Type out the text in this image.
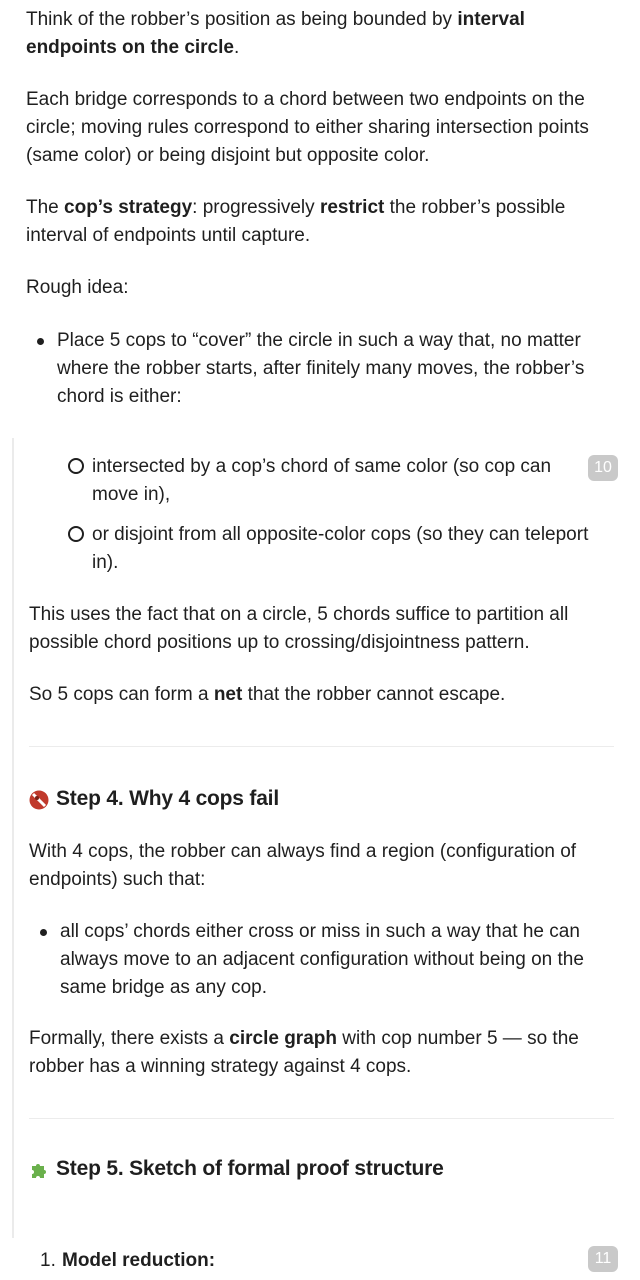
Think of the robber’s position as being bounded by interval endpoints on the circle.

Each bridge corresponds to a chord between two endpoints on the circle; moving rules correspond to either sharing intersection points (same color) or being disjoint but opposite color.

The cop’s strategy: progressively restrict the robber’s possible interval of endpoints until capture.

Rough idea:

Place 5 cops to “cover” the circle in such a way that, no matter where the robber starts, after finitely many moves, the robber’s chord is either:

intersected by a cop’s chord of same color (so cop can move in),

10

or disjoint from all opposite-color cops (so they can teleport in).

This uses the fact that on a circle, 5 chords suffice to partition all possible chord positions up to crossing/disjointness pattern.

So 5 cops can form a net that the robber cannot escape.

Step 4. Why 4 cops fail

With 4 cops, the robber can always find a region (configuration of endpoints) such that:

all cops’ chords either cross or miss in such a way that he can always move to an adjacent configuration without being on the same bridge as any cop.

Formally, there exists a circle graph with cop number 5 — so the robber has a winning strategy against 4 cops.

Step 5. Sketch of formal proof structure
1. Model reduction:	11
